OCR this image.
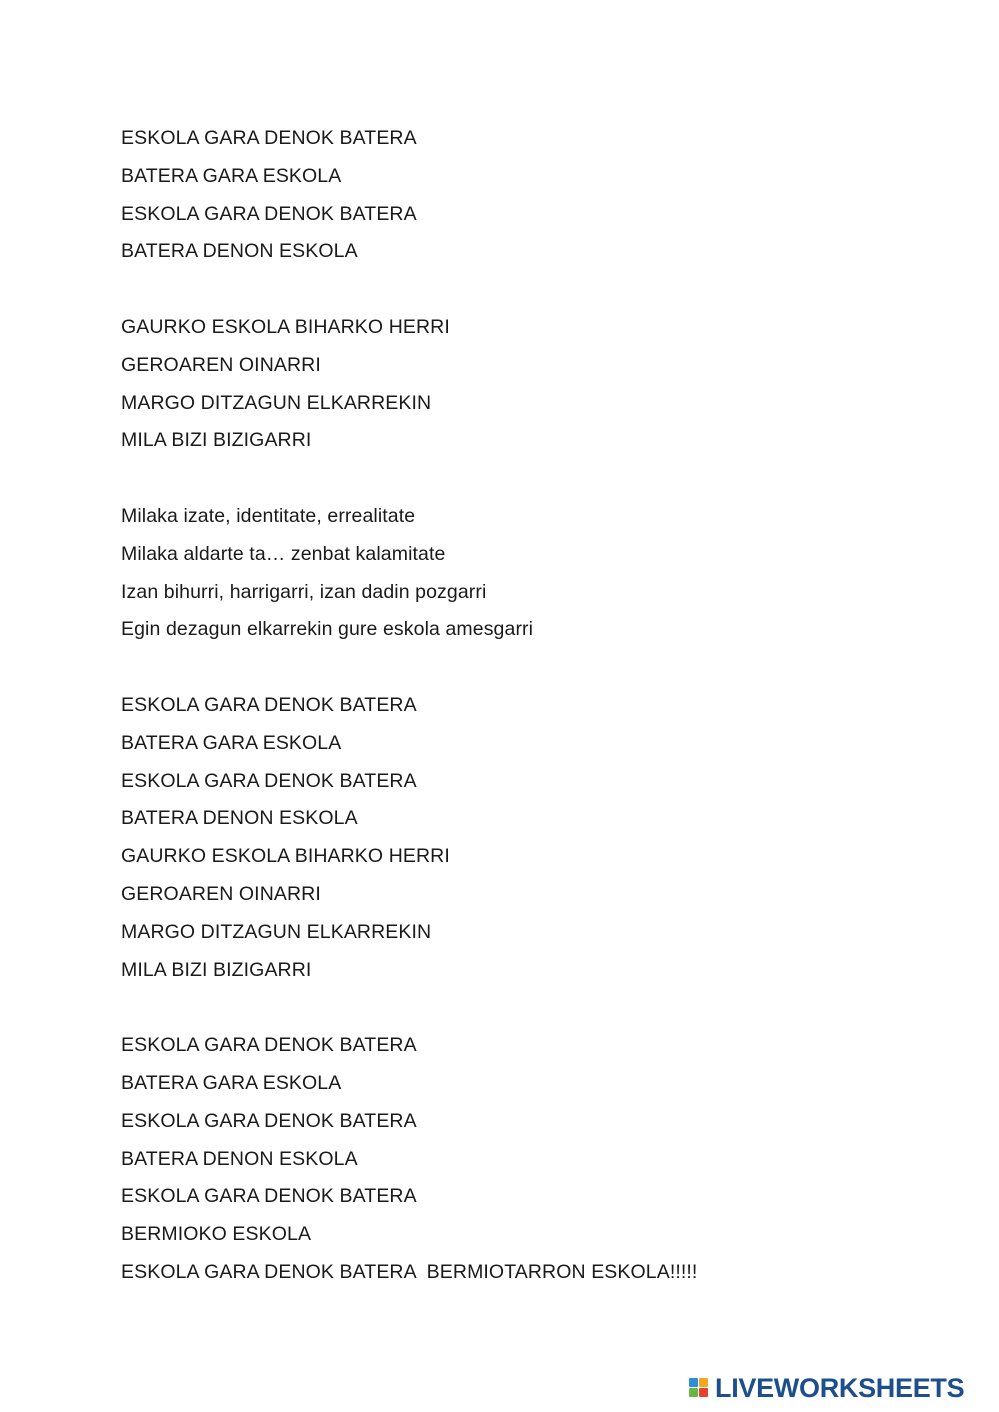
ESKOLA GARA DENOK BATERA
BATERA GARA ESKOLA
ESKOLA GARA DENOK BATERA
BATERA DENON ESKOLA
GAURKO ESKOLA BIHARKO HERRI
GEROAREN OINARRI
MARGO DITZAGUN ELKARREKIN
MILA BIZI BIZIGARRI
Milaka izate, identitate, errealitate
Milaka aldarte ta… zenbat kalamitate
Izan bihurri, harrigarri, izan dadin pozgarri
Egin dezagun elkarrekin gure eskola amesgarri
ESKOLA GARA DENOK BATERA
BATERA GARA ESKOLA
ESKOLA GARA DENOK BATERA
BATERA DENON ESKOLA
GAURKO ESKOLA BIHARKO HERRI
GEROAREN OINARRI
MARGO DITZAGUN ELKARREKIN
MILA BIZI BIZIGARRI
ESKOLA GARA DENOK BATERA
BATERA GARA ESKOLA
ESKOLA GARA DENOK BATERA
BATERA DENON ESKOLA
ESKOLA GARA DENOK BATERA
BERMIOKO ESKOLA
ESKOLA GARA DENOK BATERA  BERMIOTARRON ESKOLA!!!!!
LIVEWORKSHEETS
